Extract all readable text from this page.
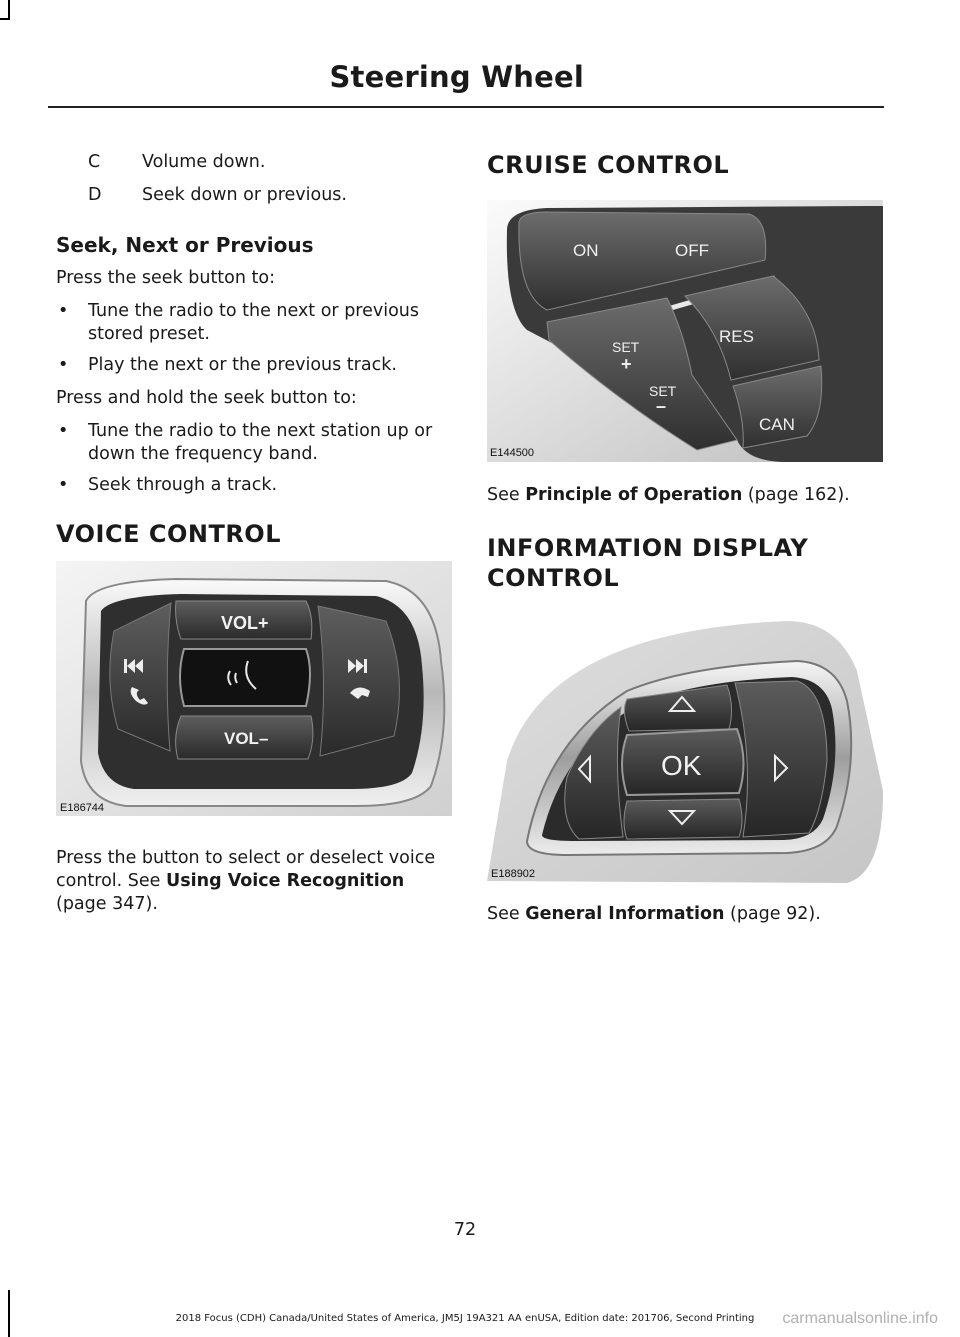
Steering Wheel
C	Volume down.
D	Seek down or previous.
Seek, Next or Previous

Press the seek button to:

• Tune the radio to the next or previous stored preset.
• Play the next or the previous track.

Press and hold the seek button to:

• Tune the radio to the next station up or down the frequency band.
• Seek through a track.
VOICE CONTROL
VOL+
VOL–
E186744

Press the button to select or deselect voice control. See Using Voice Recognition
(page 347).

CRUISE CONTROL
ON	OFF
SET
+
SET
–
RES
CAN
E144500

See Principle of Operation (page 162).

INFORMATION DISPLAY
CONTROL
OK
E188902

See General Information (page 92).

72
2018 Focus (CDH) Canada/United States of America, JM5J 19A321 AA enUSA, Edition date: 201706, Second Printing	carmanualsonline.info
